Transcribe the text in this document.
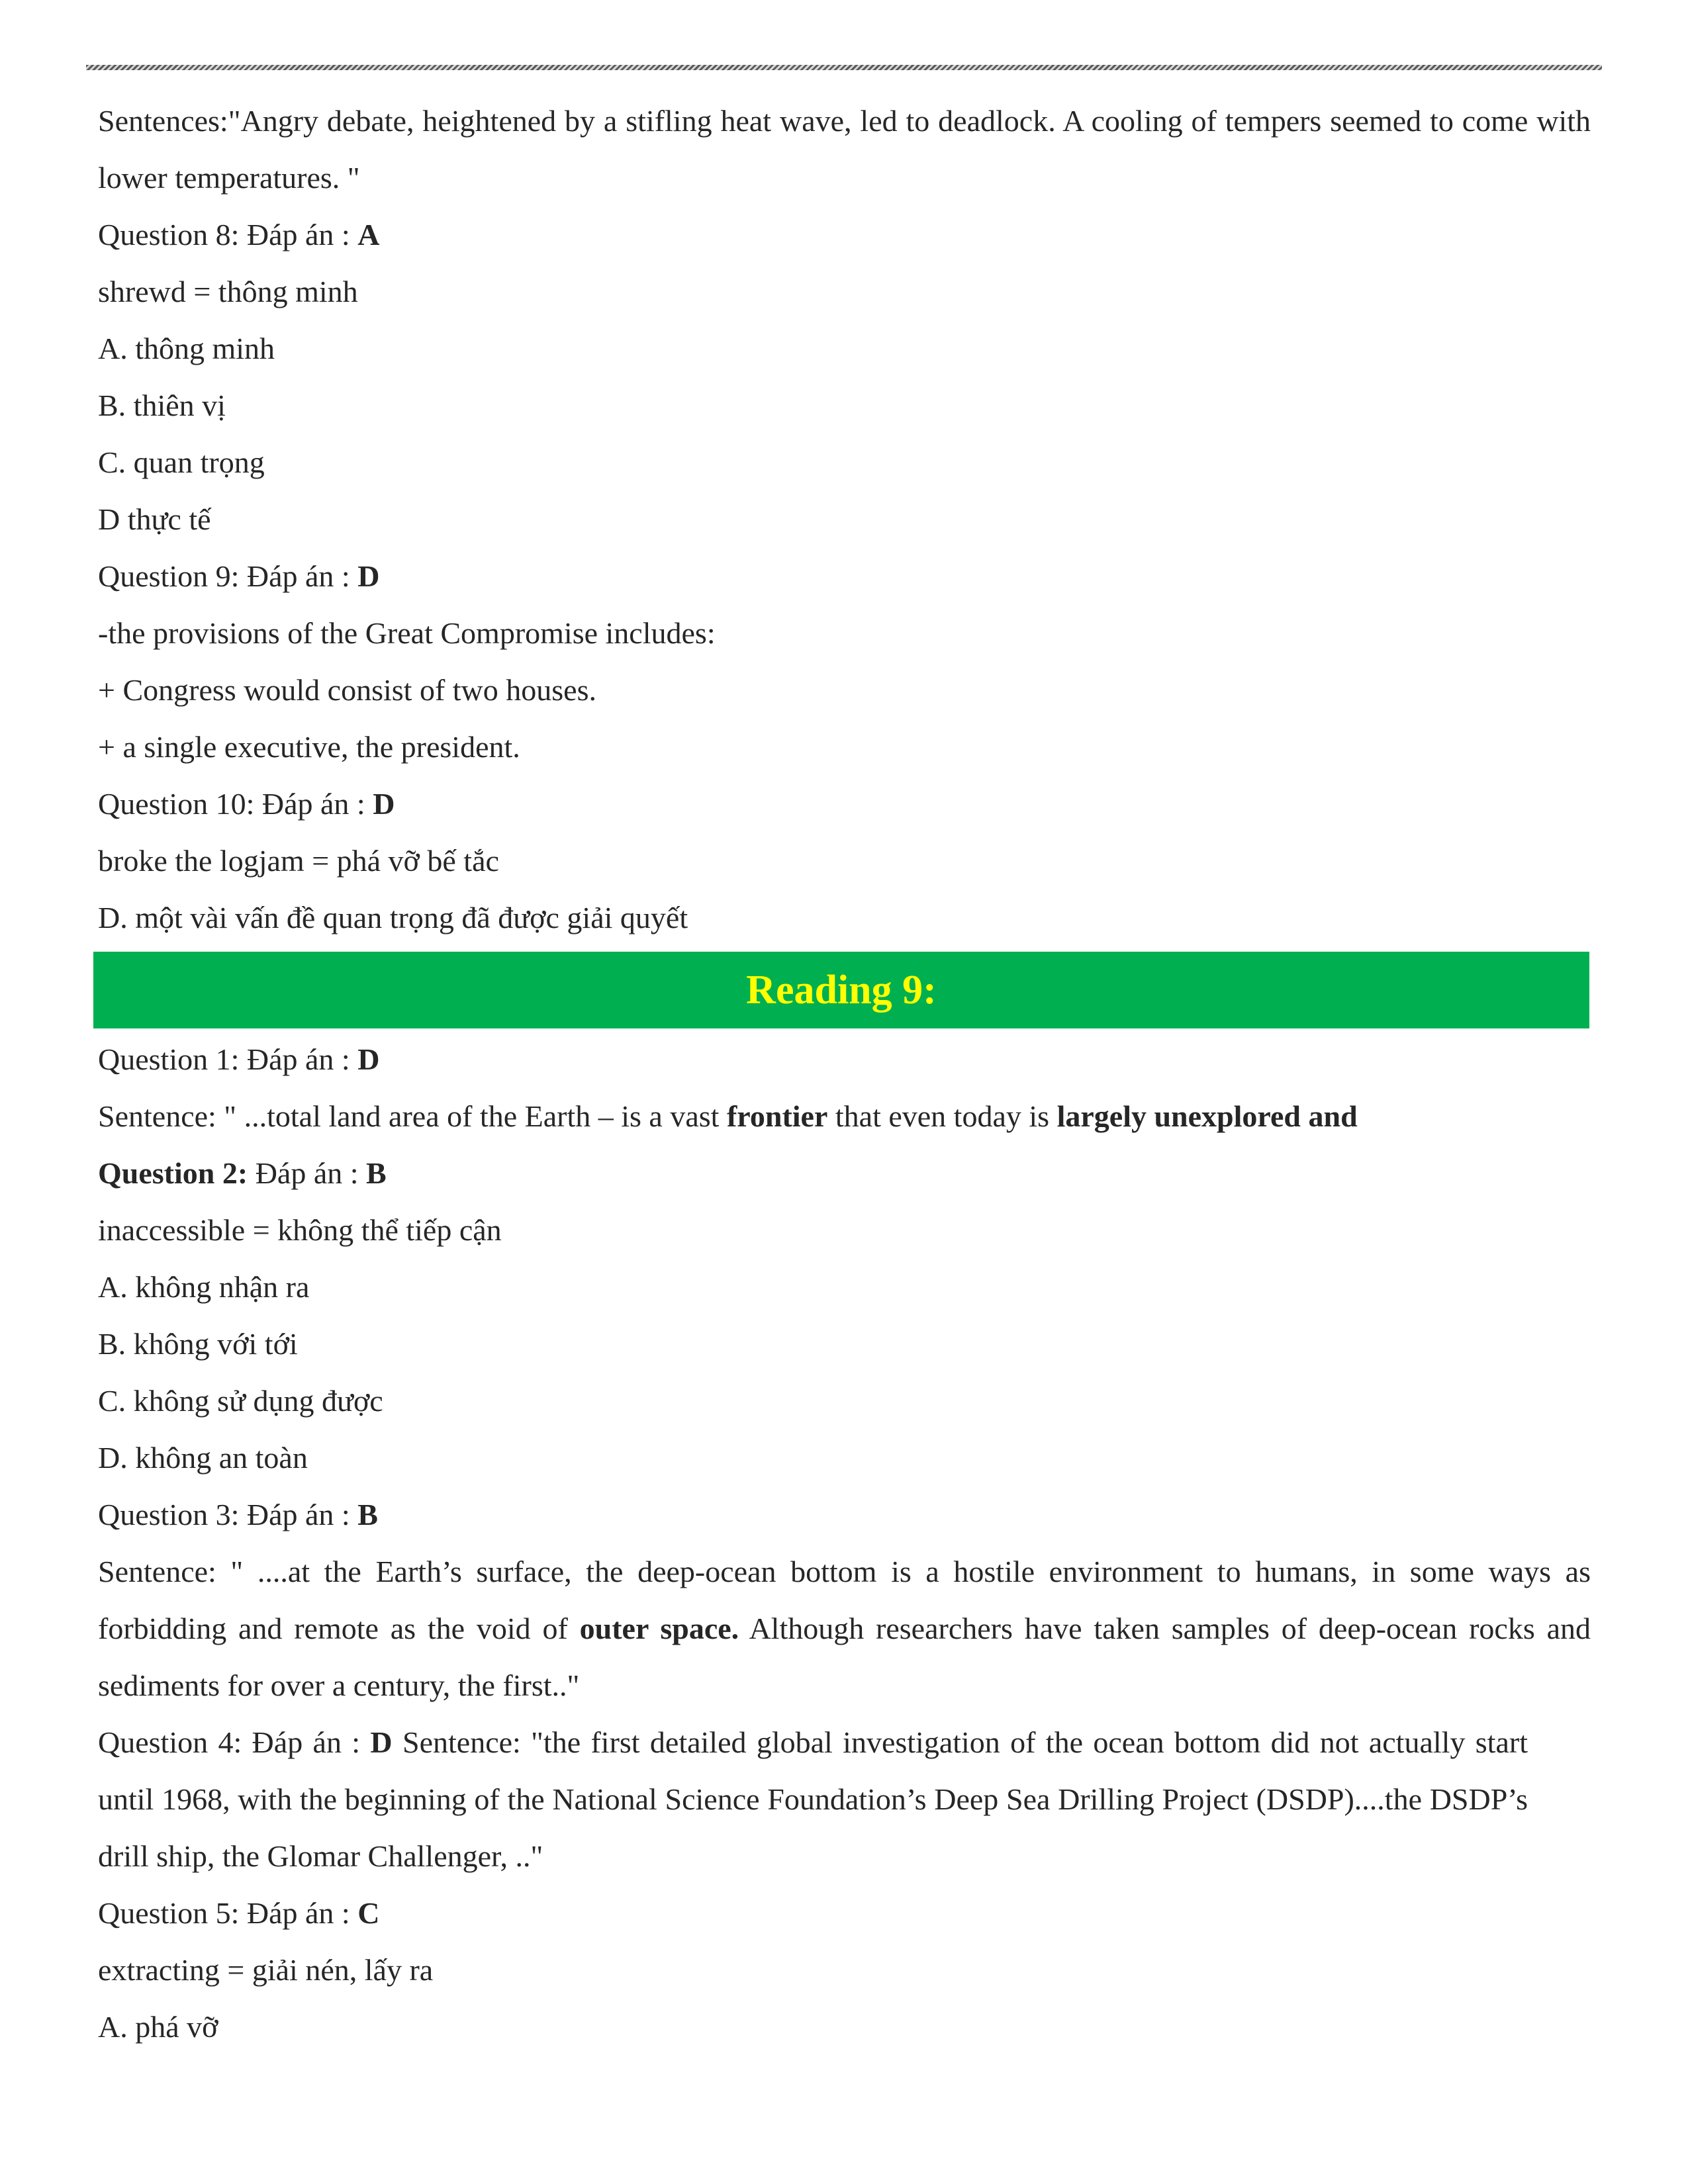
Sentences:"Angry debate, heightened by a stifling heat wave, led to deadlock. A cooling of tempers seemed to come with lower temperatures. "
Question 8: Đáp án : A
shrewd = thông minh
A. thông minh
B. thiên vị
C. quan trọng
D thực tế
Question 9: Đáp án : D
-the provisions of the Great Compromise includes:
+ Congress would consist of two houses.
+ a single executive, the president.
Question 10: Đáp án : D
broke the logjam = phá vỡ bế tắc
D. một vài vấn đề quan trọng đã được giải quyết
Reading 9:
Question 1: Đáp án : D
Sentence: " ...total land area of the Earth – is a vast frontier that even today is largely unexplored and
Question 2: Đáp án : B
inaccessible = không thể tiếp cận
A. không nhận ra
B. không với tới
C. không sử dụng được
D. không an toàn
Question 3: Đáp án : B
Sentence: " ....at the Earth’s surface, the deep-ocean bottom is a hostile environment to humans, in some ways as forbidding and remote as the void of outer space. Although researchers have taken samples of deep-ocean rocks and sediments for over a century, the first.."
Question 4: Đáp án : D Sentence: "the first detailed global investigation of the ocean bottom did not actually start until 1968, with the beginning of the National Science Foundation’s Deep Sea Drilling Project (DSDP)....the DSDP’s drill ship, the Glomar Challenger, .."
Question 5: Đáp án : C
extracting = giải nén, lấy ra
A. phá vỡ
